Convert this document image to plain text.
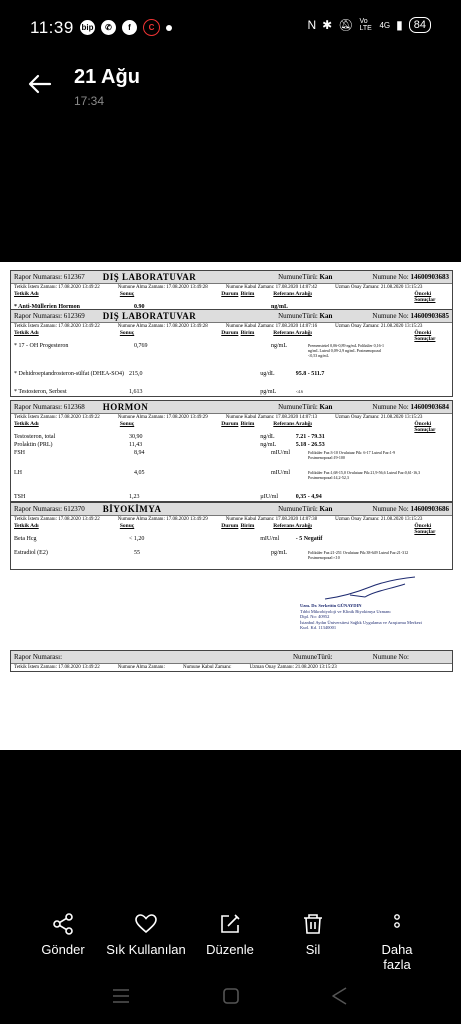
11:39 bip	✆	f	C	N ✱ 🔕︎ Vo LTE 4G ▮	84
21 Ağu
17:34
Rapor Numarası:
612367 DIŞ LABORATUVAR	NumuneTürü: Kan	Numune No: 14600903683
Tetkik İstem Zamanı: 17.08.2020 13:49:22	Numune Alma Zamanı: 17.08.2020 13:49:28	Numune Kabul Zamanı: 17.08.2020 14:07:42	Uzman Onay Zamanı: 21.08.2020 13:15:23
Tetkik Adı	Sonuç	Durum Birim	Referans Aralığı	Önceki Sonuçlar
* Anti-Müllerien Hormon	0.90	ng/mL
Rapor Numarası:
612369 DIŞ LABORATUVAR	NumuneTürü: Kan	Numune No: 14600903685
Tetkik İstem Zamanı: 17.08.2020 13:49:22	Numune Alma Zamanı: 17.08.2020 13:49:28	Numune Kabul Zamanı: 17.08.2020 14:07:16	Uzman Onay Zamanı: 21.08.2020 13:15:23
Tetkik Adı	Sonuç	Durum Birim	Referans Aralığı	Önceki Sonuçlar
* 17 - OH Progesteron	0,769	ng/mL	Premenstrüel 0,06-0,89 ng/mL Foliküler 0,16-1 ng/mL Luteal 0,09-2,9 ng/mL Postmenopozal <0,53 ng/mL
* Dehidroepiandrosteron-sülfat (DHEA-SO4) 215,0	ug/dL	95.8 - 511.7
* Testosteron, Serbest	1,613	pg/mL	<4.6
Rapor Numarası:
612368 HORMON	NumuneTürü: Kan	Numune No: 14600903684
Tetkik İstem Zamanı: 17.08.2020 13:49:22	Numune Alma Zamanı: 17.08.2020 13:49:29	Numune Kabul Zamanı: 17.08.2020 14:07:13	Uzman Onay Zamanı: 21.08.2020 13:15:23
Tetkik Adı	Sonuç	Durum Birim	Referans Aralığı	Önceki Sonuçlar
Testosteron, total	30,90	ng/dL	7.21 - 79.31
Prolaktin (PRL)	11,43	ng/mL	5.18 - 26.53
FSH	8,94	mIU/ml	Foliküler Faz:3-10 Ovulatuar Pik: 6-17 Luteal Faz:1-9 Postmenopozal:19-100
LH	4,05	mIU/ml	Foliküler Faz:1,68-15,0 Ovulatuar Pik:21,9-56,6 Luteal Faz:0,61-16,3 Postmenopozal:14,2-52,3
TSH	1,23	µIU/ml	0,35 - 4,94
Rapor Numarası:
612370 BİYOKİMYA	NumuneTürü: Kan	Numune No: 14600903686
Tetkik İstem Zamanı: 17.08.2020 13:49:22	Numune Alma Zamanı: 17.08.2020 13:49:29	Numune Kabul Zamanı: 17.08.2020 14:07:38	Uzman Onay Zamanı: 21.08.2020 13:15:23
Tetkik Adı	Sonuç	Durum Birim	Referans Aralığı	Önceki Sonuçlar
Beta Hcg	< 1,20	mIU/ml	- 5 Negatif
Estradiol (E2)	55	pg/mL	Foliküler Faz:21-251 Ovulatuar Pik:38-649 Luteal Faz:21-312 Postmenopozal:<10
Uzm. Dr. Serkettin GÜNAYDIN
Tıbbi Mikrobiyoloji ve Klinik Biyokimya Uzmanı
Dipl. No: 40952
İstanbul Aydın Üniversitesi Sağlık Uygulama ve Araştırma Merkezi
Kurl. Kd. 11340001
Rapor Numarası:	NumuneTürü:	Numune No:
Tetkik İstem Zamanı: 17.08.2020 13:49:22	Numune Alma Zamanı:	Numune Kabul Zamanı:	Uzman Onay Zamanı: 21.08.2020 13:15:23
Gönder Sık Kullanılan Düzenle	Sil	Daha fazla
